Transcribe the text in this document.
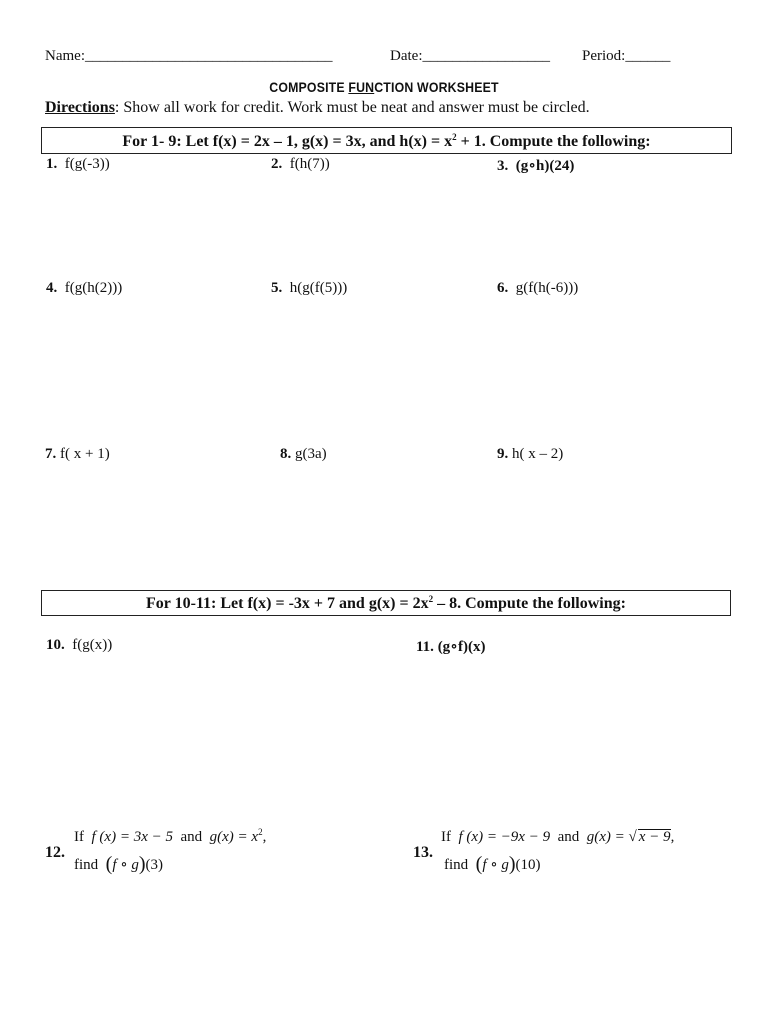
Name:_________________________________	Date:_________________ Period:______
COMPOSITE FUNCTION WORKSHEET
Directions: Show all work for credit. Work must be neat and answer must be circled.
For 1- 9: Let f(x) = 2x – 1, g(x) = 3x, and $h(x) = x^2 + 1$. Compute the following:
1. f(g(-3))	2. f(h(7))	3. (g∘h)(24)
4. f(g(h(2)))	5. h(g(f(5)))	6. g(f(h(-6)))
7. f( x + 1)	8. g(3a)	9. h( x – 2)
For 10-11: Let f(x) = -3x + 7 and $g(x) = 2x^2 - 8$. Compute the following:
10. f(g(x))	11. (g∘f)(x)
12.
If f (x) = 3x − 5 and $g(x) = x^2$,
find (f ∘ g)(3)
13.
If f (x) = −9x − 9 and g(x) = √ x − 9,
find (f ∘ g)(10)
